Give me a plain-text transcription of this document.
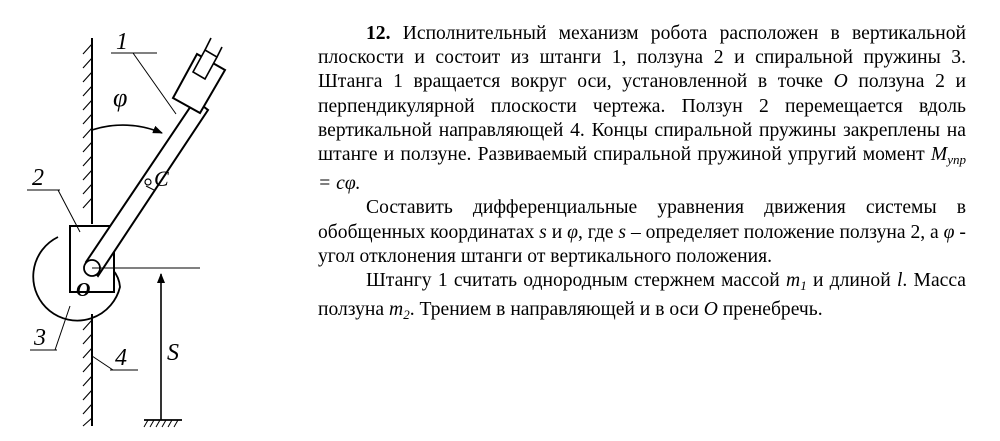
1
2
3
4
φ
C
O
S

12. Исполнительный механизм робота расположен в вертикальной плоскости и состоит из штанги 1, ползуна 2 и спиральной пружины 3. Штанга 1 вращается вокруг оси, установленной в точке O ползуна 2 и перпендикулярной плоскости чертежа. Ползун 2 перемещается вдоль вертикальной направляющей 4. Концы спиральной пружины закреплены на штанге и ползуне. Развиваемый спиральной пружиной упругий момент $M_{упр} = c\varphi$.

Составить дифференциальные уравнения движения системы в обобщенных координатах s и φ, где s – определяет положение ползуна 2, а φ - угол отклонения штанги от вертикального положения.

Штангу 1 считать однородным стержнем массой $m_1$ и длиной l. Масса ползуна $m_2$. Трением в направляющей и в оси O пренебречь.
